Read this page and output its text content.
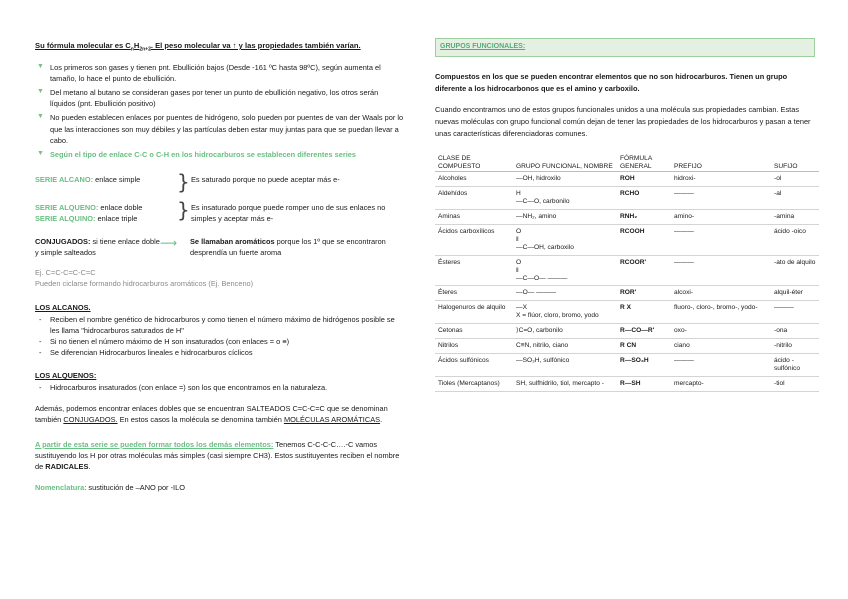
Su fórmula molecular es $C_nH_{2n+2}$. El peso molecular va ↑ y las propiedades también varían.
▼ Los primeros son gases y tienen pnt. Ebullición bajos (Desde -161 ºC hasta 98ºC), según aumenta el tamaño, lo hace el punto de ebullición.
▼ Del metano al butano se consideran gases por tener un punto de ebullición negativo, los otros serán líquidos (pnt. Ebullición positivo)
▼ No pueden establecen enlaces por puentes de hidrógeno, solo pueden por puentes de van der Waals por lo que las interacciones son muy débiles y las partículas deben estar muy juntas para que se puedan llevar a cabo.
▼ Según el tipo de enlace C-C o C-H en los hidrocarburos se establecen diferentes series
SERIE ALCANO: enlace simple	} Es saturado porque no puede aceptar más e-
SERIE ALQUENO: enlace doble
SERIE ALQUINO: enlace triple	} Es insaturado porque puede romper uno de sus enlaces no simples y aceptar más e-
CONJUGADOS: si tiene enlace doble y simple salteados
⟶	Se llamaban aromáticos porque los 1º que se encontraron desprendía un fuerte aroma
Ej. C=C-C=C-C=C
Pueden ciclarse formando hidrocarburos aromáticos (Ej. Benceno)
LOS ALCANOS.
- Reciben el nombre genético de hidrocarburos y como tienen el número máximo de hidrógenos posible se les llama "hidrocarburos saturados de H"
- Si no tienen el número máximo de H son insaturados (con enlaces = o ≡)
- Se diferencian Hidrocarburos lineales e hidrocarburos cíclicos
LOS ALQUENOS:
- Hidrocarburos insaturados (con enlace =) son los que encontramos en la naturaleza.
Además, podemos encontrar enlaces dobles que se encuentran SALTEADOS C=C-C=C que se denominan también CONJUGADOS. En estos casos la molécula se denomina también MOLÉCULAS AROMÁTICAS.
A partir de esta serie se pueden formar todos los demás elementos: Tenemos C-C-C-C….-C vamos sustituyendo los H por otras moléculas más simples (casi siempre CH3). Estos sustituyentes reciben el nombre de RADICALES.
Nomenclatura: sustitución de –ANO por -ILO
GRUPOS FUNCIONALES:
Compuestos en los que se pueden encontrar elementos que no son hidrocarburos. Tienen un grupo diferente a los hidrocarbonos que es el amino y carboxilo.
Cuando encontramos uno de estos grupos funcionales unidos a una molécula sus propiedades cambian. Estas nuevas moléculas con grupo funcional común dejan de tener las propiedades de los hidrocarburos y pasan a tener unas características diferenciadoras comunes.
CLASE DE COMPUESTO	GRUPO FUNCIONAL, NOMBRE	FÓRMULA GENERAL	PREFIJO	SUFIJO
Alcoholes	—OH, hidroxilo	ROH	hidroxi-	-ol
Aldehídos	H
—C—O, carbonilo	RCHO	———	-al
Aminas	—NH₂, amino	RNH₂	amino-	-amina
Ácidos carboxílicos	O
‖
—C—OH, carboxilo	RCOOH	———	ácido -oico
Ésteres	O
‖
—C—O— ———	RCOOR'	———	-ato de alquilo
Éteres	—O— ———	ROR'	alcoxi-	alquil-éter
Halogenuros de alquilo	—X
X = flúor, cloro, bromo, yodo	R X	fluoro-, cloro-, bromo-, yodo-	———
Cetonas	⟩C=O, carbonilo	R—CO—R'	oxo-	-ona
Nitrilos	C≡N, nitrilo, ciano	R CN	ciano	-nitrilo
Ácidos sulfónicos	—SO₃H, sulfónico	R—SO₃H	———	ácido -sulfónico
Tioles (Mercaptanos)	SH, sulfhidrilo, tiol, mercapto -	R—SH	mercapto-	-tiol
